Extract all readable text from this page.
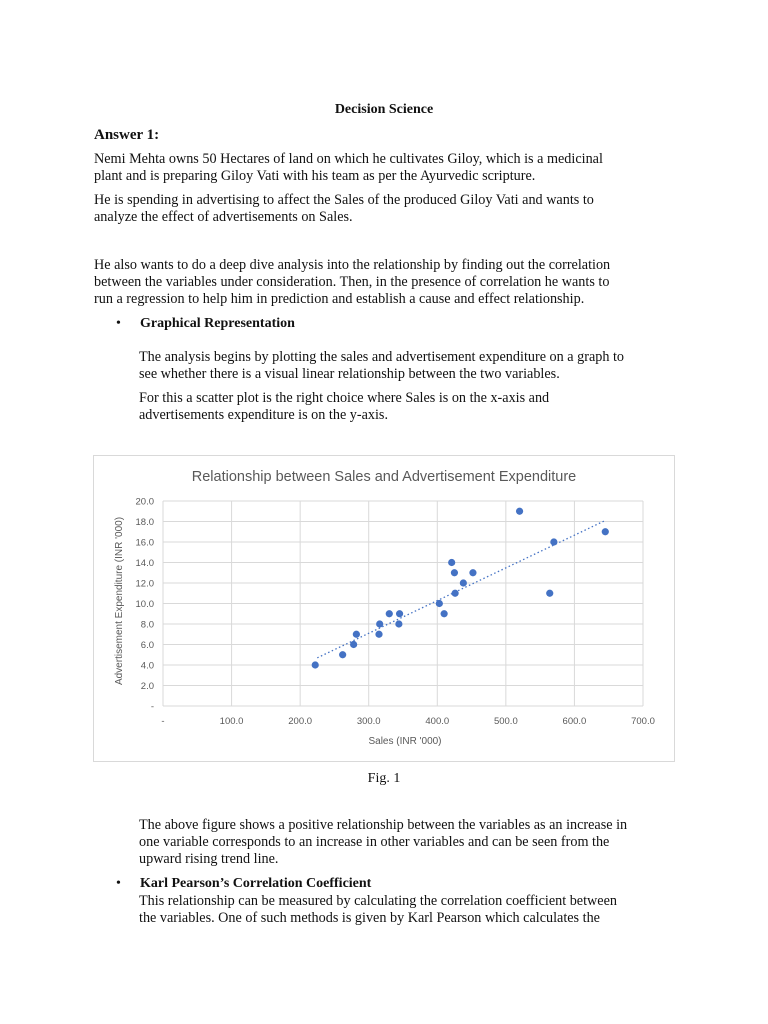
Decision Science
Answer 1:
Nemi Mehta owns 50 Hectares of land on which he cultivates Giloy, which is a medicinal
plant and is preparing Giloy Vati with his team as per the Ayurvedic scripture.
He is spending in advertising to affect the Sales of the produced Giloy Vati and wants to
analyze the effect of advertisements on Sales.
He also wants to do a deep dive analysis into the relationship by finding out the correlation
between the variables under consideration. Then, in the presence of correlation he wants to
run a regression to help him in prediction and establish a cause and effect relationship.
• Graphical Representation
The analysis begins by plotting the sales and advertisement expenditure on a graph to
see whether there is a visual linear relationship between the two variables.
For this a scatter plot is the right choice where Sales is on the x-axis and
advertisements expenditure is on the y-axis.
-	100.0	200.0	300.0	400.0	500.0	600.0	700.0
-
2.0
4.0
6.0
8.0
10.0
12.0
14.0
16.0
18.0
20.0
Relationship between Sales and Advertisement Expenditure
Sales (INR '000)
Advertisement Expenditure (INR '000)
Fig. 1
The above figure shows a positive relationship between the variables as an increase in
one variable corresponds to an increase in other variables and can be seen from the
upward rising trend line.
• Karl Pearson’s Correlation Coefficient
This relationship can be measured by calculating the correlation coefficient between
the variables. One of such methods is given by Karl Pearson which calculates the
